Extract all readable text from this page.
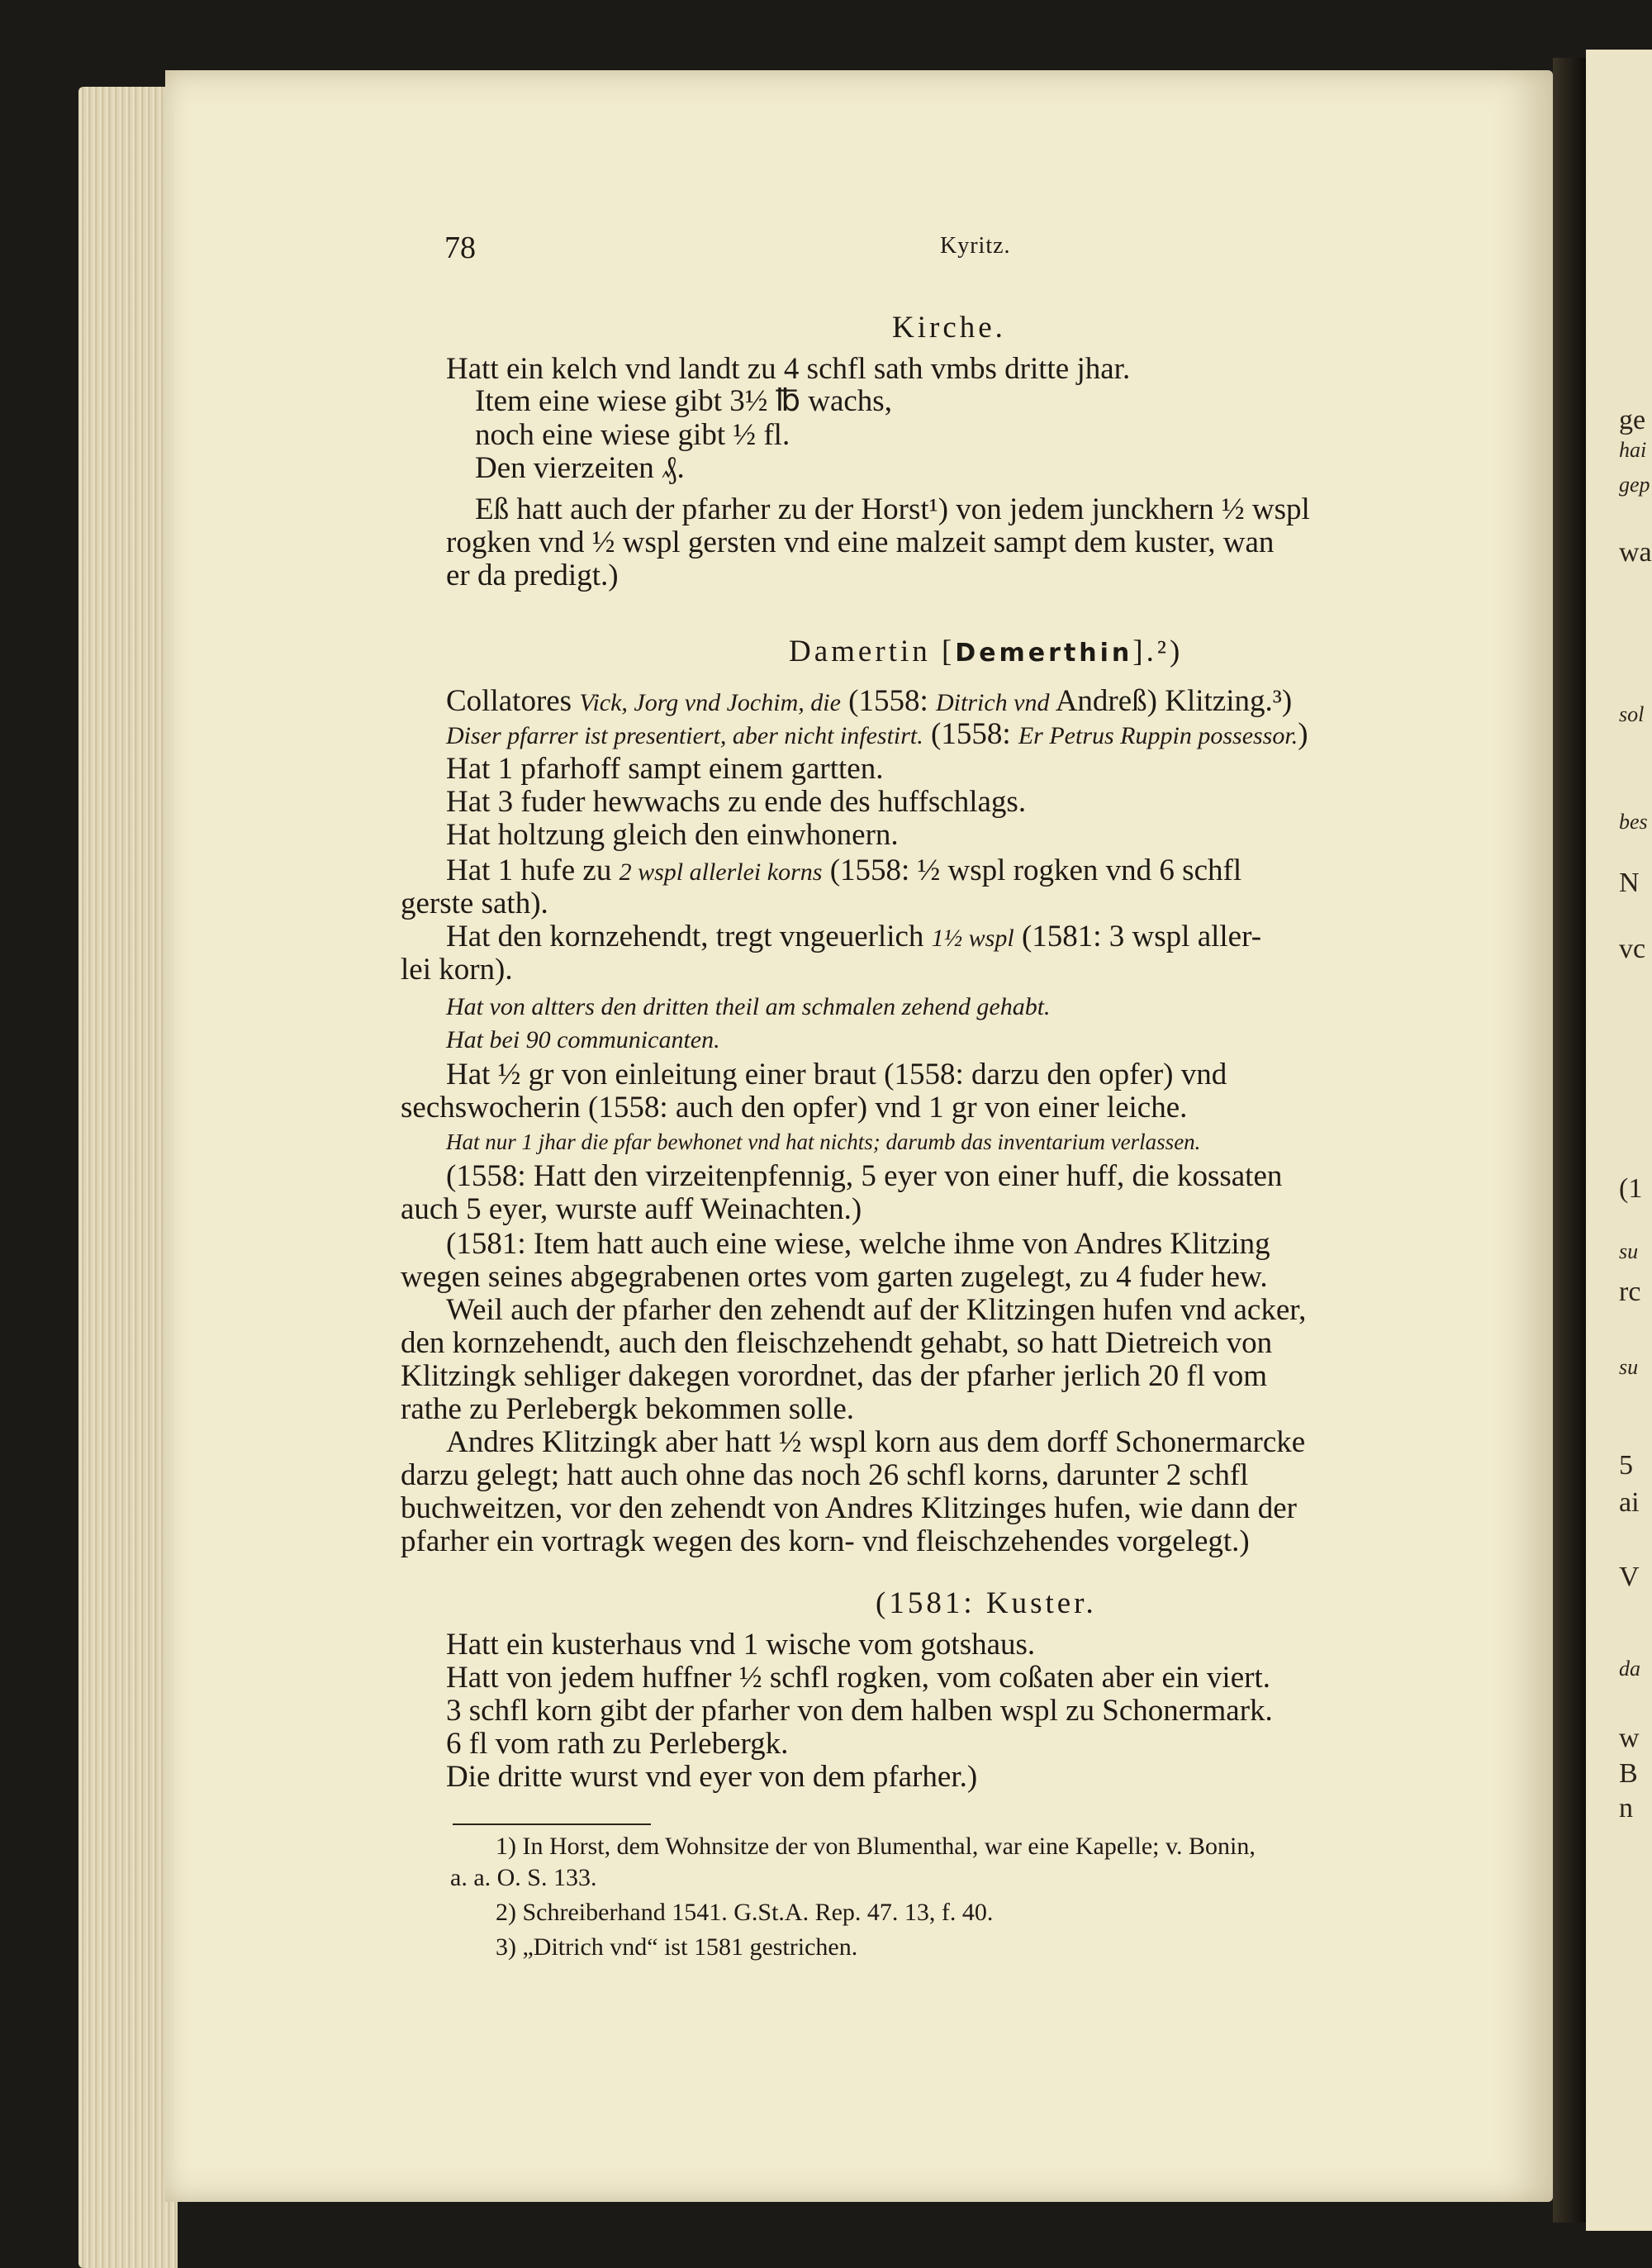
ge
hai
gep
wa
sol
bes
N
vc
(1
su
rc
su
5
ai
V
da
w
B
n
78	Kyritz.
Kirche.
Hatt ein kelch vnd landt zu 4 schfl sath vmbs dritte jhar.
Item eine wiese gibt 3½ ℔ wachs,
noch eine wiese gibt ½ fl.
Den vierzeiten ₰.
Eß hatt auch der pfarher zu der Horst¹) von jedem junckhern ½ wspl
rogken vnd ½ wspl gersten vnd eine malzeit sampt dem kuster, wan
er da predigt.)
Damertin [Demerthin].²)
Collatores Vick, Jorg vnd Jochim, die (1558: Ditrich vnd Andreß) Klitzing.³)
Diser pfarrer ist presentiert, aber nicht infestirt. (1558: Er Petrus Ruppin possessor.)
Hat 1 pfarhoff sampt einem gartten.
Hat 3 fuder hewwachs zu ende des huffschlags.
Hat holtzung gleich den einwhonern.
Hat 1 hufe zu 2 wspl allerlei korns (1558: ½ wspl rogken vnd 6 schfl
gerste sath).
Hat den kornzehendt, tregt vngeuerlich 1½ wspl (1581: 3 wspl aller-
lei korn).
Hat von altters den dritten theil am schmalen zehend gehabt.
Hat bei 90 communicanten.
Hat ½ gr von einleitung einer braut (1558: darzu den opfer) vnd
sechswocherin (1558: auch den opfer) vnd 1 gr von einer leiche.
Hat nur 1 jhar die pfar bewhonet vnd hat nichts; darumb das inventarium verlassen.
(1558: Hatt den virzeitenpfennig, 5 eyer von einer huff, die kossaten
auch 5 eyer, wurste auff Weinachten.)
(1581: Item hatt auch eine wiese, welche ihme von Andres Klitzing
wegen seines abgegrabenen ortes vom garten zugelegt, zu 4 fuder hew.
Weil auch der pfarher den zehendt auf der Klitzingen hufen vnd acker,
den kornzehendt, auch den fleischzehendt gehabt, so hatt Dietreich von
Klitzingk sehliger dakegen vorordnet, das der pfarher jerlich 20 fl vom
rathe zu Perlebergk bekommen solle.
Andres Klitzingk aber hatt ½ wspl korn aus dem dorff Schonermarcke
darzu gelegt; hatt auch ohne das noch 26 schfl korns, darunter 2 schfl
buchweitzen, vor den zehendt von Andres Klitzinges hufen, wie dann der
pfarher ein vortragk wegen des korn- vnd fleischzehendes vorgelegt.)
(1581: Kuster.
Hatt ein kusterhaus vnd 1 wische vom gotshaus.
Hatt von jedem huffner ½ schfl rogken, vom coßaten aber ein viert.
3 schfl korn gibt der pfarher von dem halben wspl zu Schonermark.
6 fl vom rath zu Perlebergk.
Die dritte wurst vnd eyer von dem pfarher.)
1) In Horst, dem Wohnsitze der von Blumenthal, war eine Kapelle; v. Bonin,
a. a. O. S. 133.
2) Schreiberhand 1541. G.St.A. Rep. 47. 13, f. 40.
3) „Ditrich vnd“ ist 1581 gestrichen.
